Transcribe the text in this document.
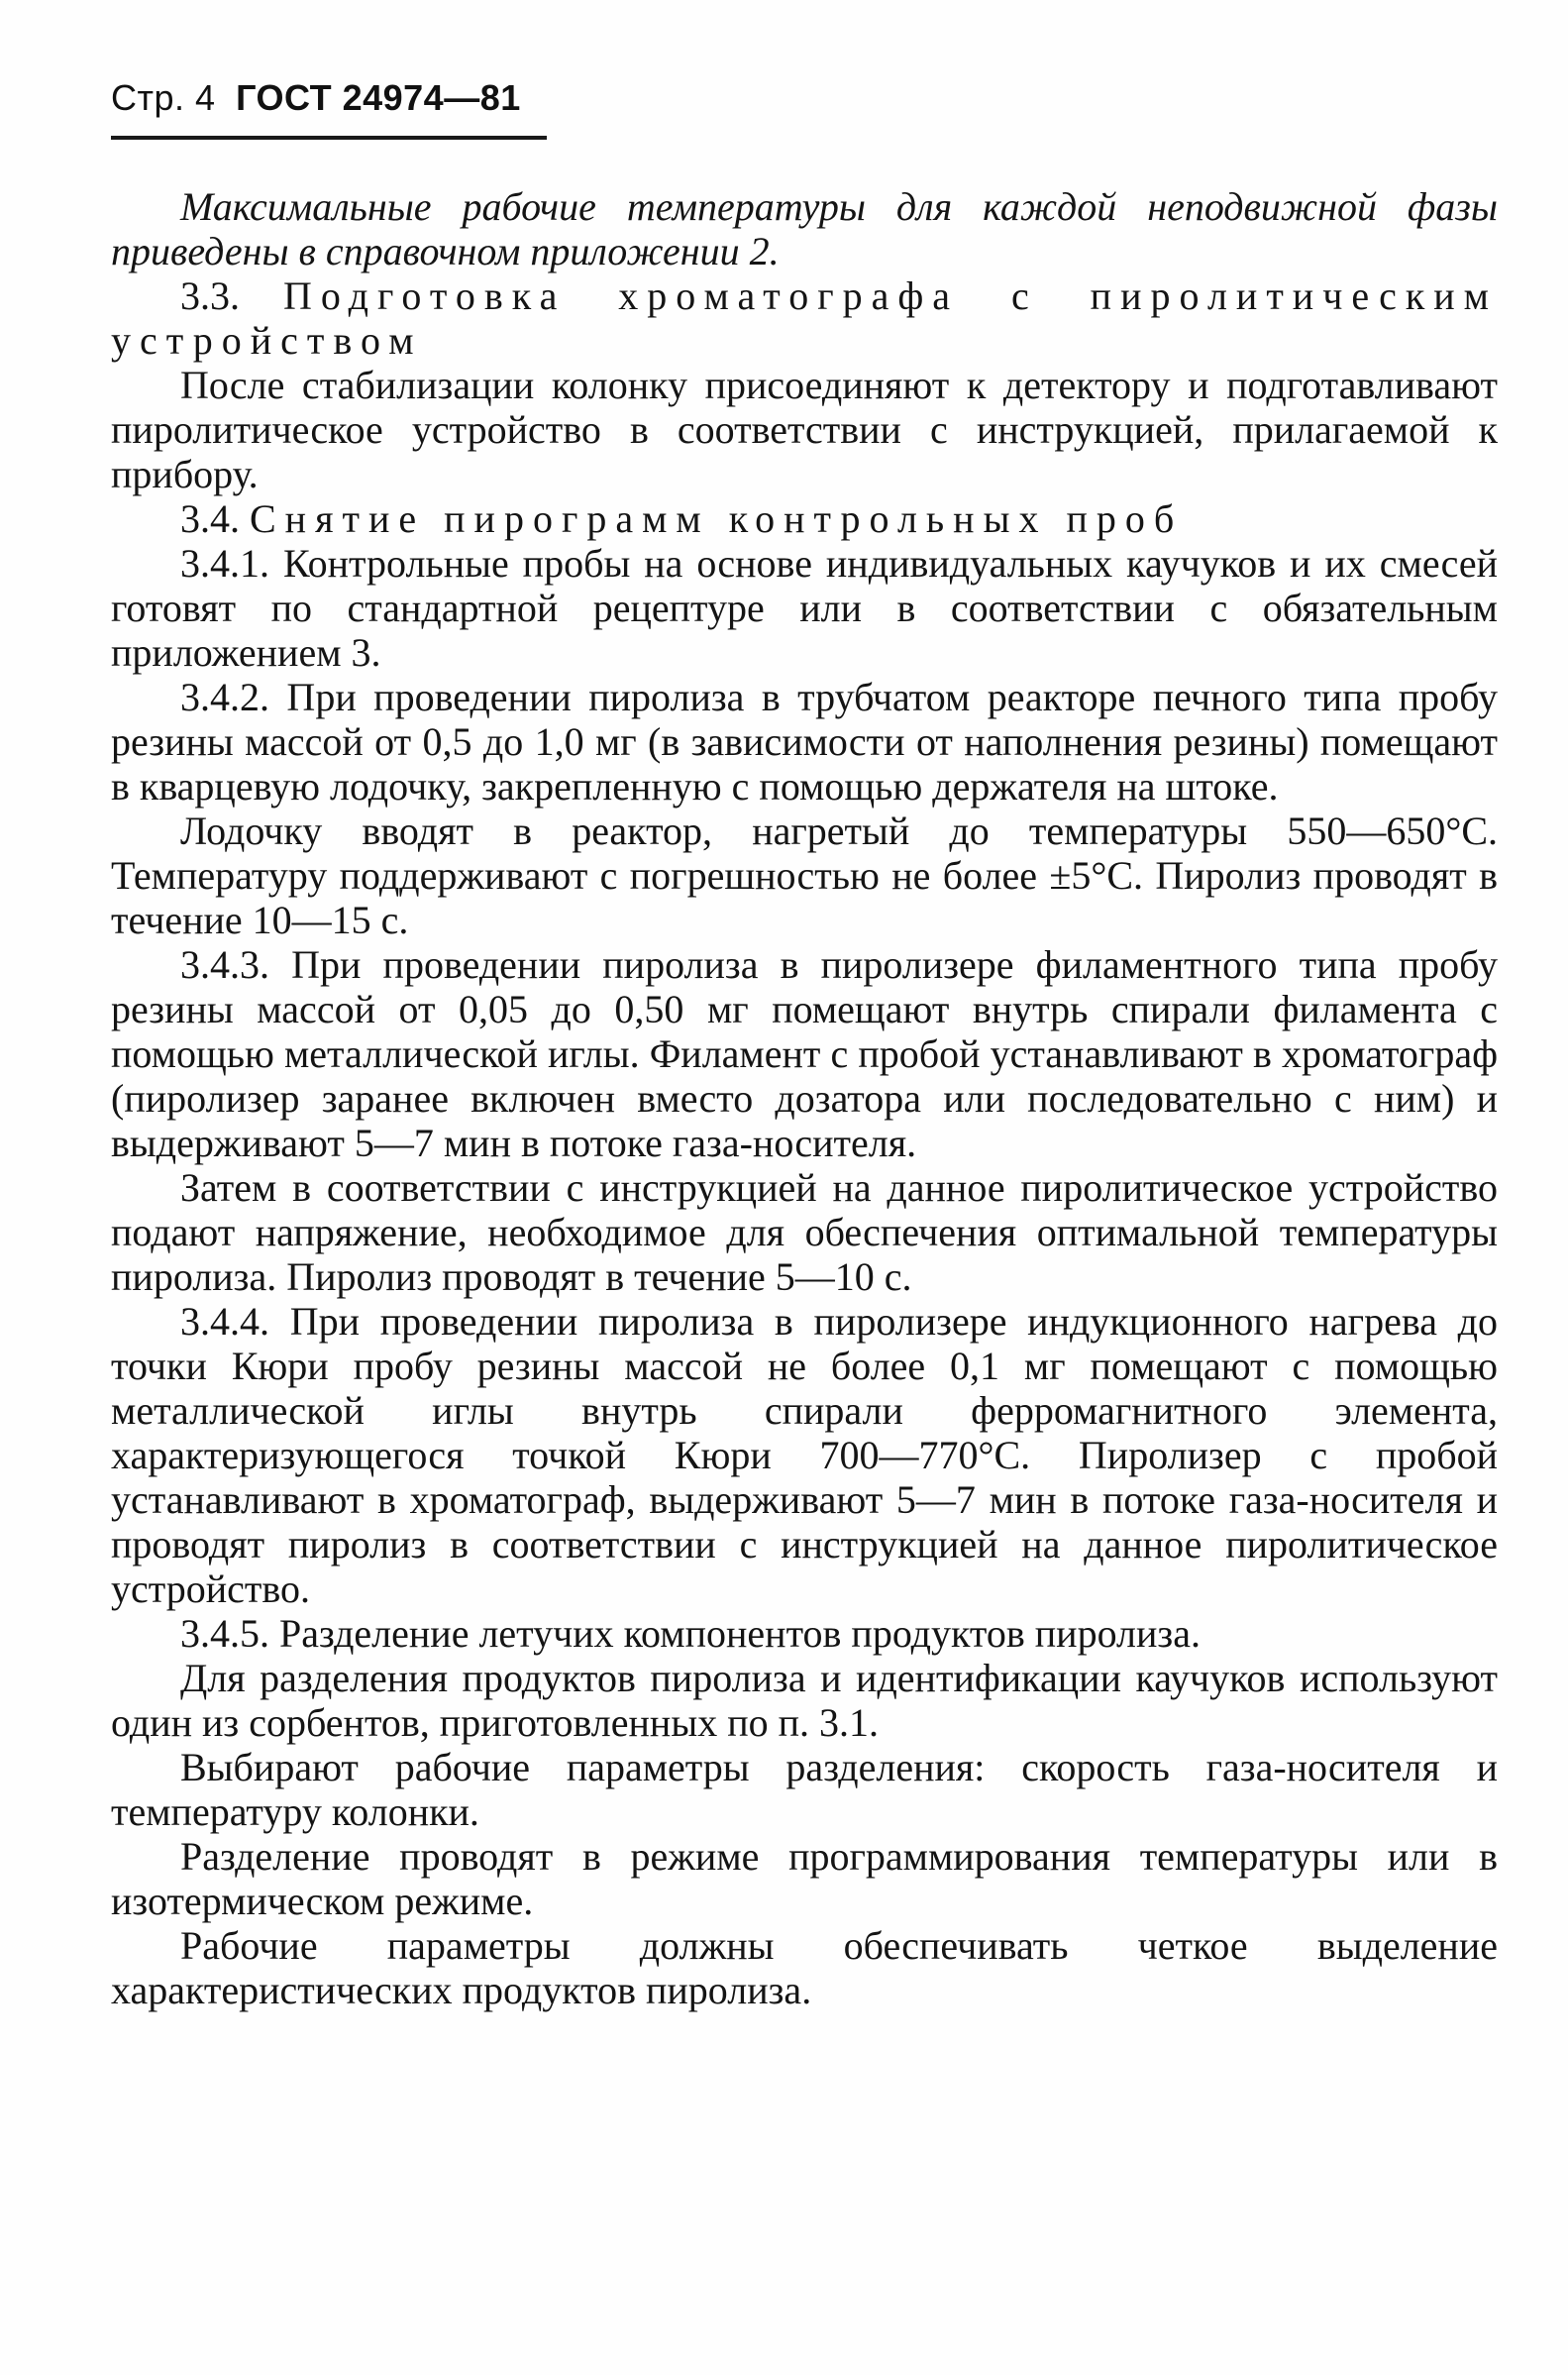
Стр. 4 ГОСТ 24974—81

Максимальные рабочие температуры для каждой неподвижной фазы приведены в справочном приложении 2.

3.3. Подготовка хроматографа с пиролитическим устройством

После стабилизации колонку присоединяют к детектору и подготавливают пиролитическое устройство в соответствии с инструкцией, прилагаемой к прибору.

3.4. Снятие пирограмм контрольных проб

3.4.1. Контрольные пробы на основе индивидуальных каучуков и их смесей готовят по стандартной рецептуре или в соответствии с обязательным приложением 3.

3.4.2. При проведении пиролиза в трубчатом реакторе печного типа пробу резины массой от 0,5 до 1,0 мг (в зависимости от наполнения резины) помещают в кварцевую лодочку, закрепленную с помощью держателя на штоке.

Лодочку вводят в реактор, нагретый до температуры 550—650°С. Температуру поддерживают с погрешностью не более ±5°С. Пиролиз проводят в течение 10—15 с.

3.4.3. При проведении пиролиза в пиролизере филаментного типа пробу резины массой от 0,05 до 0,50 мг помещают внутрь спирали филамента с помощью металлической иглы. Филамент с пробой устанавливают в хроматограф (пиролизер заранее включен вместо дозатора или последовательно с ним) и выдерживают 5—7 мин в потоке газа-носителя.

Затем в соответствии с инструкцией на данное пиролитическое устройство подают напряжение, необходимое для обеспечения оптимальной температуры пиролиза. Пиролиз проводят в течение 5—10 с.

3.4.4. При проведении пиролиза в пиролизере индукционного нагрева до точки Кюри пробу резины массой не более 0,1 мг помещают с помощью металлической иглы внутрь спирали ферромагнитного элемента, характеризующегося точкой Кюри 700—770°С. Пиролизер с пробой устанавливают в хроматограф, выдерживают 5—7 мин в потоке газа-носителя и проводят пиролиз в соответствии с инструкцией на данное пиролитическое устройство.

3.4.5. Разделение летучих компонентов продуктов пиролиза.

Для разделения продуктов пиролиза и идентификации каучуков используют один из сорбентов, приготовленных по п. 3.1.

Выбирают рабочие параметры разделения: скорость газа-носителя и температуру колонки.

Разделение проводят в режиме программирования температуры или в изотермическом режиме.

Рабочие параметры должны обеспечивать четкое выделение характеристических продуктов пиролиза.
